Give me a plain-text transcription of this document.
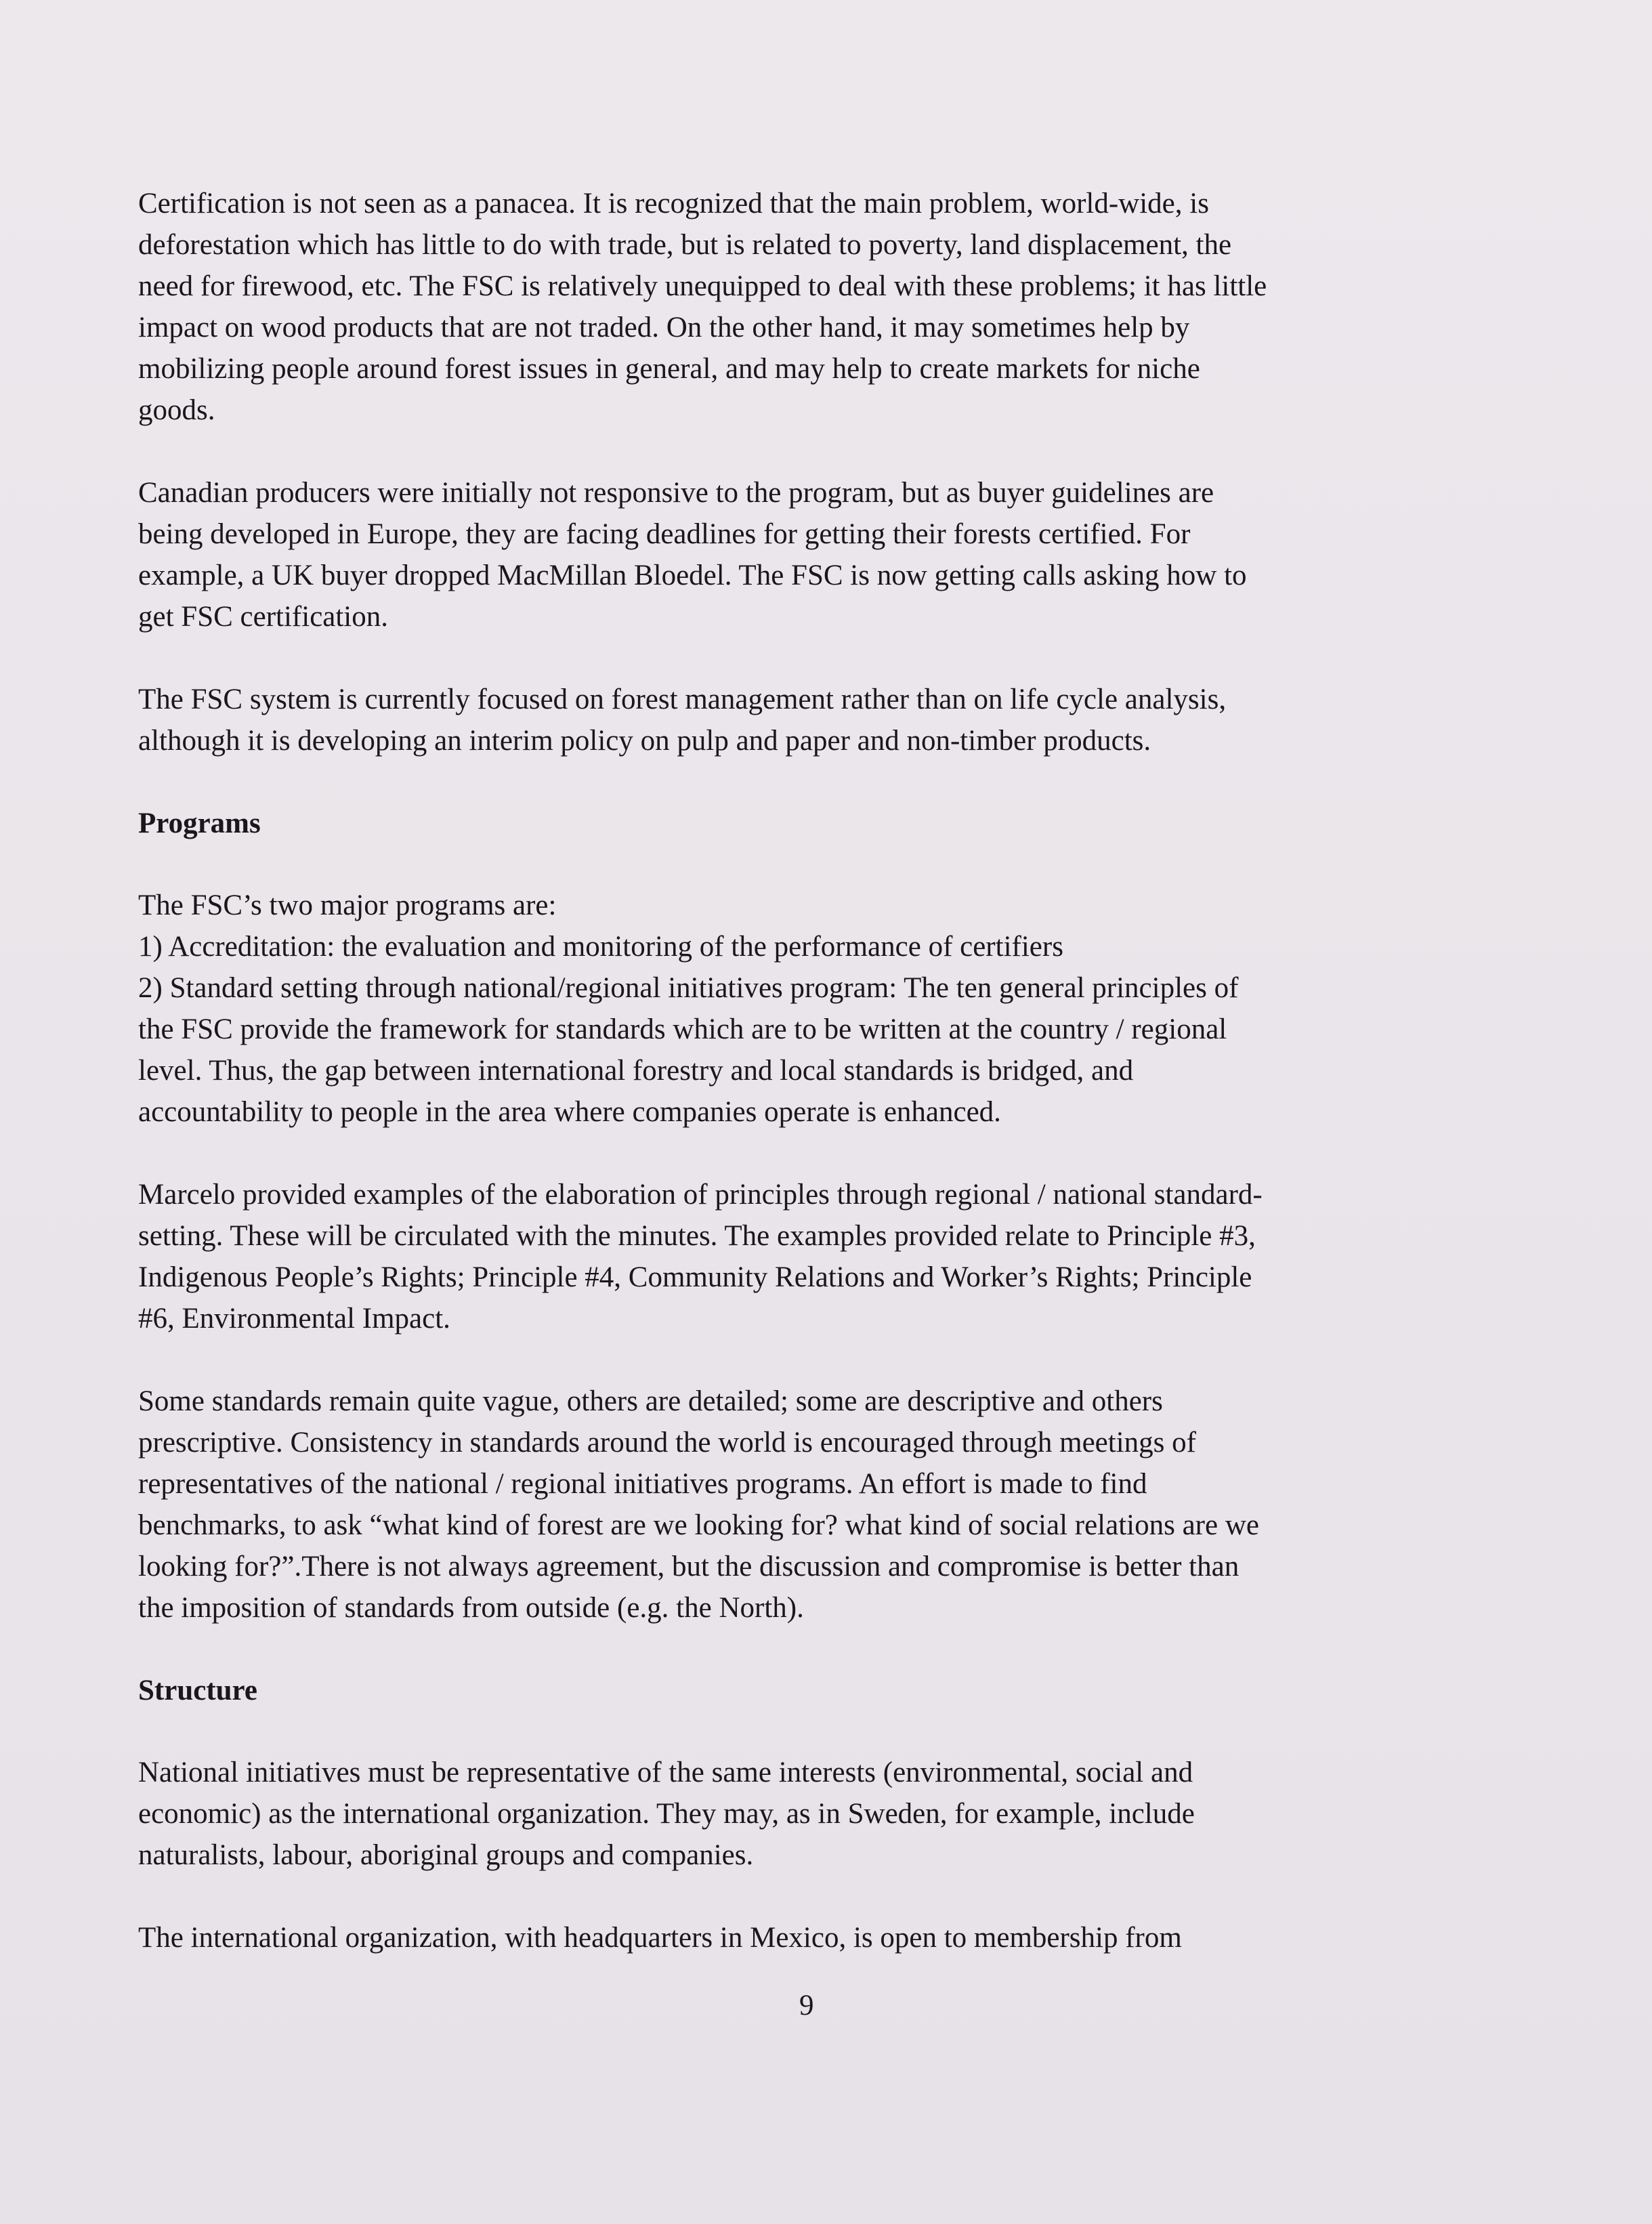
Certification is not seen as a panacea. It is recognized that the main problem, world-wide, is
deforestation which has little to do with trade, but is related to poverty, land displacement, the
need for firewood, etc. The FSC is relatively unequipped to deal with these problems; it has little
impact on wood products that are not traded. On the other hand, it may sometimes help by
mobilizing people around forest issues in general, and may help to create markets for niche
goods.

Canadian producers were initially not responsive to the program, but as buyer guidelines are
being developed in Europe, they are facing deadlines for getting their forests certified. For
example, a UK buyer dropped MacMillan Bloedel. The FSC is now getting calls asking how to
get FSC certification.

The FSC system is currently focused on forest management rather than on life cycle analysis,
although it is developing an interim policy on pulp and paper and non-timber products.

Programs

The FSC’s two major programs are:
1) Accreditation: the evaluation and monitoring of the performance of certifiers
2) Standard setting through national/regional initiatives program: The ten general principles of
the FSC provide the framework for standards which are to be written at the country / regional
level. Thus, the gap between international forestry and local standards is bridged, and
accountability to people in the area where companies operate is enhanced.

Marcelo provided examples of the elaboration of principles through regional / national standard-
setting. These will be circulated with the minutes. The examples provided relate to Principle #3,
Indigenous People’s Rights; Principle #4, Community Relations and Worker’s Rights; Principle
#6, Environmental Impact.

Some standards remain quite vague, others are detailed; some are descriptive and others
prescriptive. Consistency in standards around the world is encouraged through meetings of
representatives of the national / regional initiatives programs. An effort is made to find
benchmarks, to ask “what kind of forest are we looking for? what kind of social relations are we
looking for?”.There is not always agreement, but the discussion and compromise is better than
the imposition of standards from outside (e.g. the North).

Structure

National initiatives must be representative of the same interests (environmental, social and
economic) as the international organization. They may, as in Sweden, for example, include
naturalists, labour, aboriginal groups and companies.

The international organization, with headquarters in Mexico, is open to membership from

9
